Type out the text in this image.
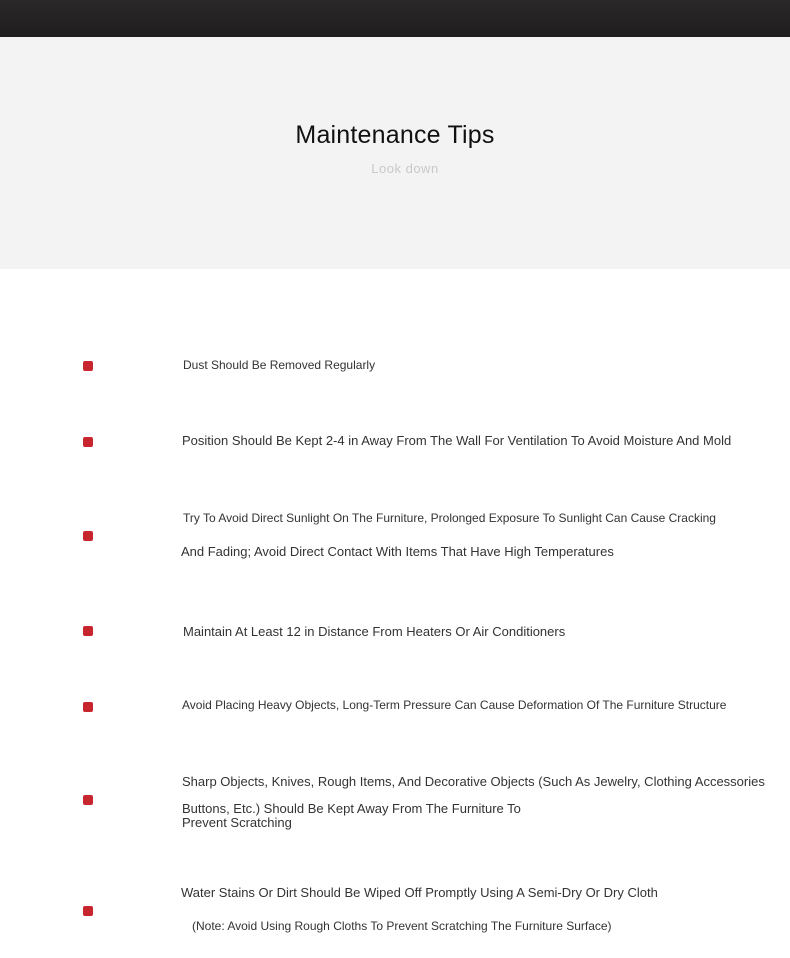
Maintenance Tips
Look down
Dust Should Be Removed Regularly
Position Should Be Kept 2-4 in Away From The Wall For Ventilation To Avoid Moisture And Mold
Try To Avoid Direct Sunlight On The Furniture, Prolonged Exposure To Sunlight Can Cause Cracking
And Fading; Avoid Direct Contact With Items That Have High Temperatures
Maintain At Least 12 in Distance From Heaters Or Air Conditioners
Avoid Placing Heavy Objects, Long-Term Pressure Can Cause Deformation Of The Furniture Structure
Sharp Objects, Knives, Rough Items, And Decorative Objects (Such As Jewelry, Clothing Accessories
Buttons, Etc.) Should Be Kept Away From The Furniture To
Prevent Scratching
Water Stains Or Dirt Should Be Wiped Off Promptly Using A Semi-Dry Or Dry Cloth
(Note: Avoid Using Rough Cloths To Prevent Scratching The Furniture Surface)
